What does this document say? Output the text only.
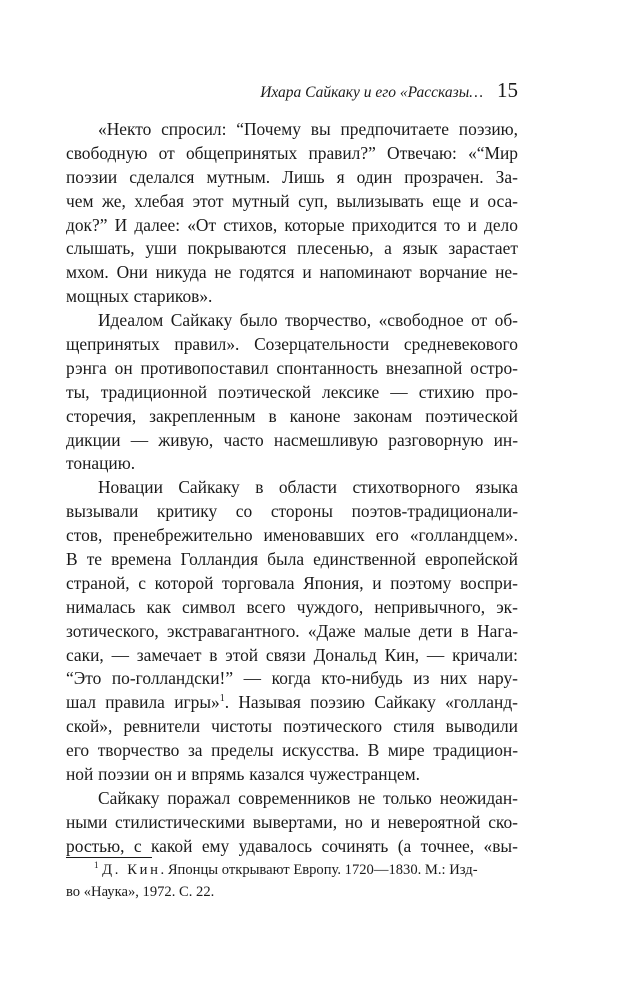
Ихара Сайкаку и его «Рассказы… 15
«Некто спросил: “Почему вы предпочитаете поэзию,
свободную от общепринятых правил?” Отвечаю: «“Мир
поэзии сделался мутным. Лишь я один прозрачен. За-
чем же, хлебая этот мутный суп, вылизывать еще и оса-
док?” И далее: «От стихов, которые приходится то и дело
слышать, уши покрываются плесенью, а язык зарастает
мхом. Они никуда не годятся и напоминают ворчание не-
мощных стариков».
Идеалом Сайкаку было творчество, «свободное от об-
щепринятых правил». Созерцательности средневекового
рэнга он противопоставил спонтанность внезапной остро-
ты, традиционной поэтической лексике — стихию про-
сторечия, закрепленным в каноне законам поэтической
дикции — живую, часто насмешливую разговорную ин-
тонацию.
Новации Сайкаку в области стихотворного языка
вызывали критику со стороны поэтов-традиционали-
стов, пренебрежительно именовавших его «голландцем».
В те времена Голландия была единственной европейской
страной, с которой торговала Япония, и поэтому воспри-
нималась как символ всего чуждого, непривычного, эк-
зотического, экстравагантного. «Даже малые дети в Нага-
саки, — замечает в этой связи Дональд Кин, — кричали:
“Это по-голландски!” — когда кто-нибудь из них нару-
шал правила игры»$^1$. Называя поэзию Сайкаку «голланд-
ской», ревнители чистоты поэтического стиля выводили
его творчество за пределы искусства. В мире традицион-
ной поэзии он и впрямь казался чужестранцем.
Сайкаку поражал современников не только неожидан-
ными стилистическими вывертами, но и невероятной ско-
ростью, с какой ему удавалось сочинять (а точнее, «вы-
$^1$ Д. Кин. Японцы открывают Европу. 1720—1830. М.: Изд-
во «Наука», 1972. С. 22.
